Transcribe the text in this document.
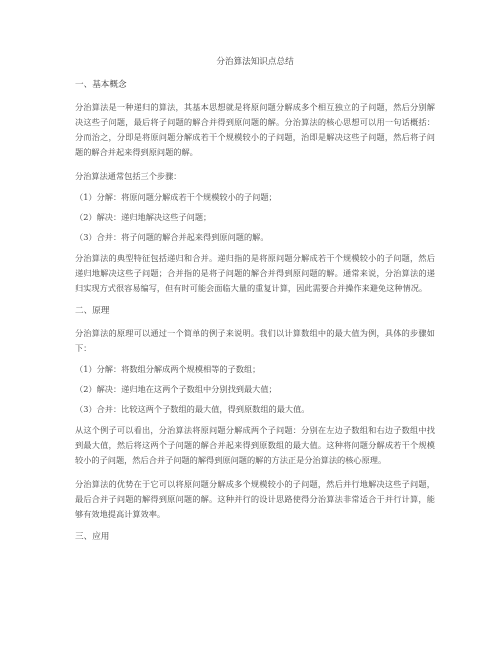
分治算法知识点总结
一、基本概念
分治算法是一种递归的算法，其基本思想就是将原问题分解成多个相互独立的子问题，然后分别解决这些子问题，最后将子问题的解合并得到原问题的解。分治算法的核心思想可以用一句话概括：分而治之，分即是将原问题分解成若干个规模较小的子问题，治即是解决这些子问题，然后将子问题的解合并起来得到原问题的解。
分治算法通常包括三个步骤：
（1）分解：将原问题分解成若干个规模较小的子问题；
（2）解决：递归地解决这些子问题；
（3）合并：将子问题的解合并起来得到原问题的解。
分治算法的典型特征包括递归和合并。递归指的是将原问题分解成若干个规模较小的子问题，然后递归地解决这些子问题；合并指的是将子问题的解合并得到原问题的解。通常来说，分治算法的递归实现方式很容易编写，但有时可能会面临大量的重复计算，因此需要合并操作来避免这种情况。
二、原理
分治算法的原理可以通过一个简单的例子来说明。我们以计算数组中的最大值为例，具体的步骤如下：
（1）分解：将数组分解成两个规模相等的子数组；
（2）解决：递归地在这两个子数组中分别找到最大值；
（3）合并：比较这两个子数组的最大值，得到原数组的最大值。
从这个例子可以看出，分治算法将原问题分解成两个子问题：分别在左边子数组和右边子数组中找到最大值，然后将这两个子问题的解合并起来得到原数组的最大值。这种将问题分解成若干个规模较小的子问题，然后合并子问题的解得到原问题的解的方法正是分治算法的核心原理。
分治算法的优势在于它可以将原问题分解成多个规模较小的子问题，然后并行地解决这些子问题，最后合并子问题的解得到原问题的解。这种并行的设计思路使得分治算法非常适合于并行计算，能够有效地提高计算效率。
三、应用
